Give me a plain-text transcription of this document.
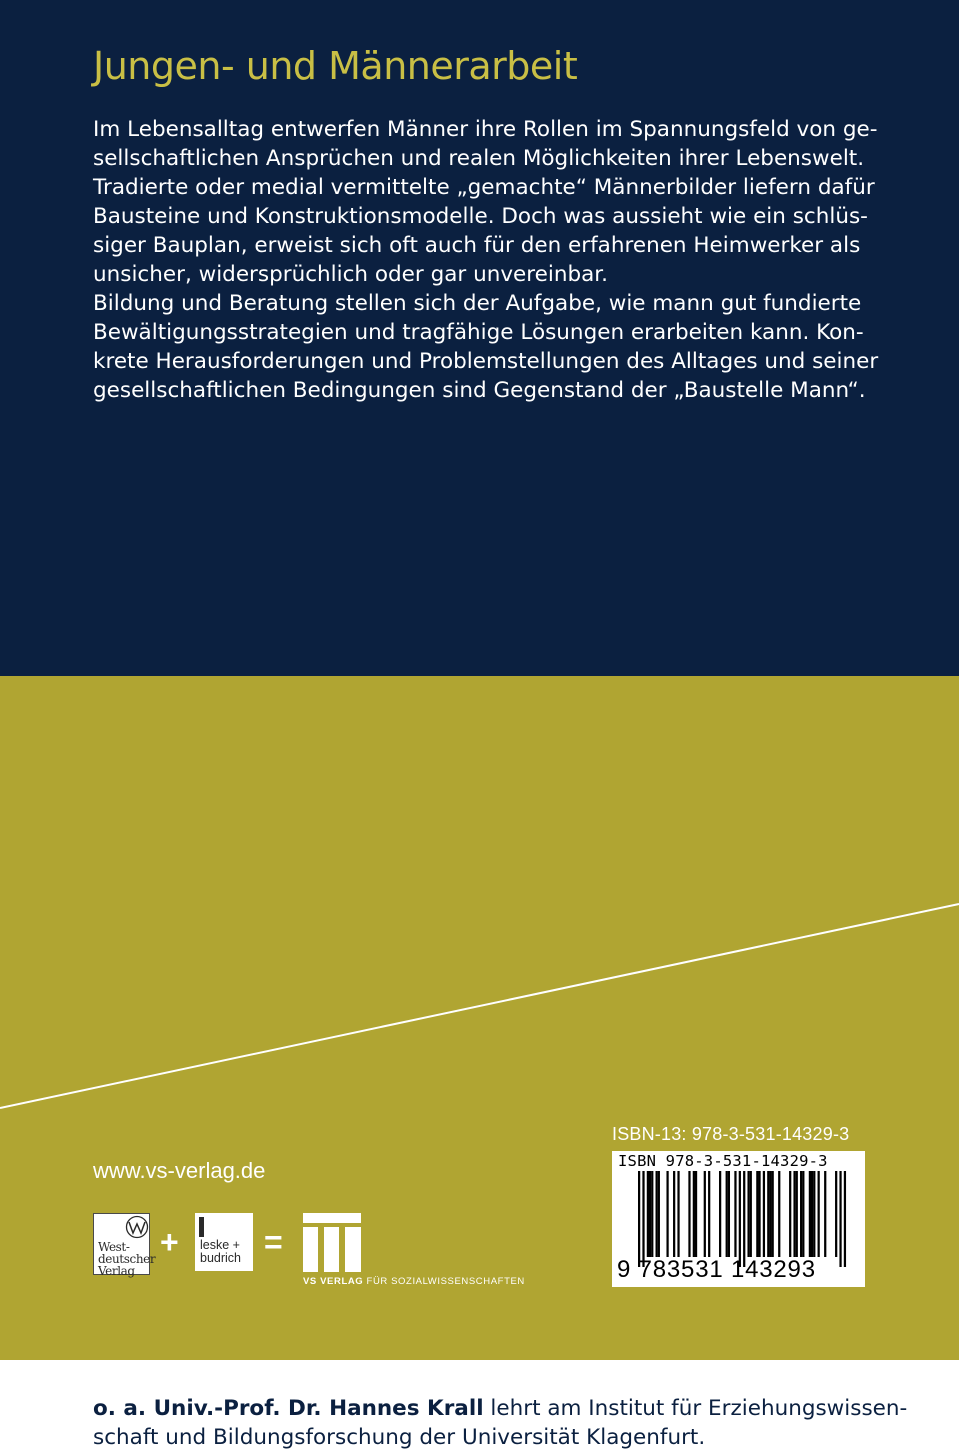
Jungen- und Männerarbeit

Im Lebensalltag entwerfen Männer ihre Rollen im Spannungsfeld von ge-

sellschaftlichen Ansprüchen und realen Möglichkeiten ihrer Lebenswelt.

Tradierte oder medial vermittelte „gemachte“ Männerbilder liefern dafür

Bausteine und Konstruktionsmodelle. Doch was aussieht wie ein schlüs-

siger Bauplan, erweist sich oft auch für den erfahrenen Heimwerker als

unsicher, widersprüchlich oder gar unvereinbar.

Bildung und Beratung stellen sich der Aufgabe, wie mann gut fundierte

Bewältigungsstrategien und tragfähige Lösungen erarbeiten kann. Kon-

krete Herausforderungen und Problemstellungen des Alltages und seiner

gesellschaftlichen Bedingungen sind Gegenstand der „Baustelle Mann“.

o. a. Univ.-Prof. Dr. Hannes Krall lehrt am Institut für Erziehungswissen-

schaft und Bildungsforschung der Universität Klagenfurt.

www.vs-verlag.de
West-
deutscher
Verlag
+ leske +
budrich =
VS VERLAG FÜR SOZIALWISSENSCHAFTEN
ISBN-13: 978-3-531-14329-3
ISBN 978-3-531-14329-3
9 783531 143293
